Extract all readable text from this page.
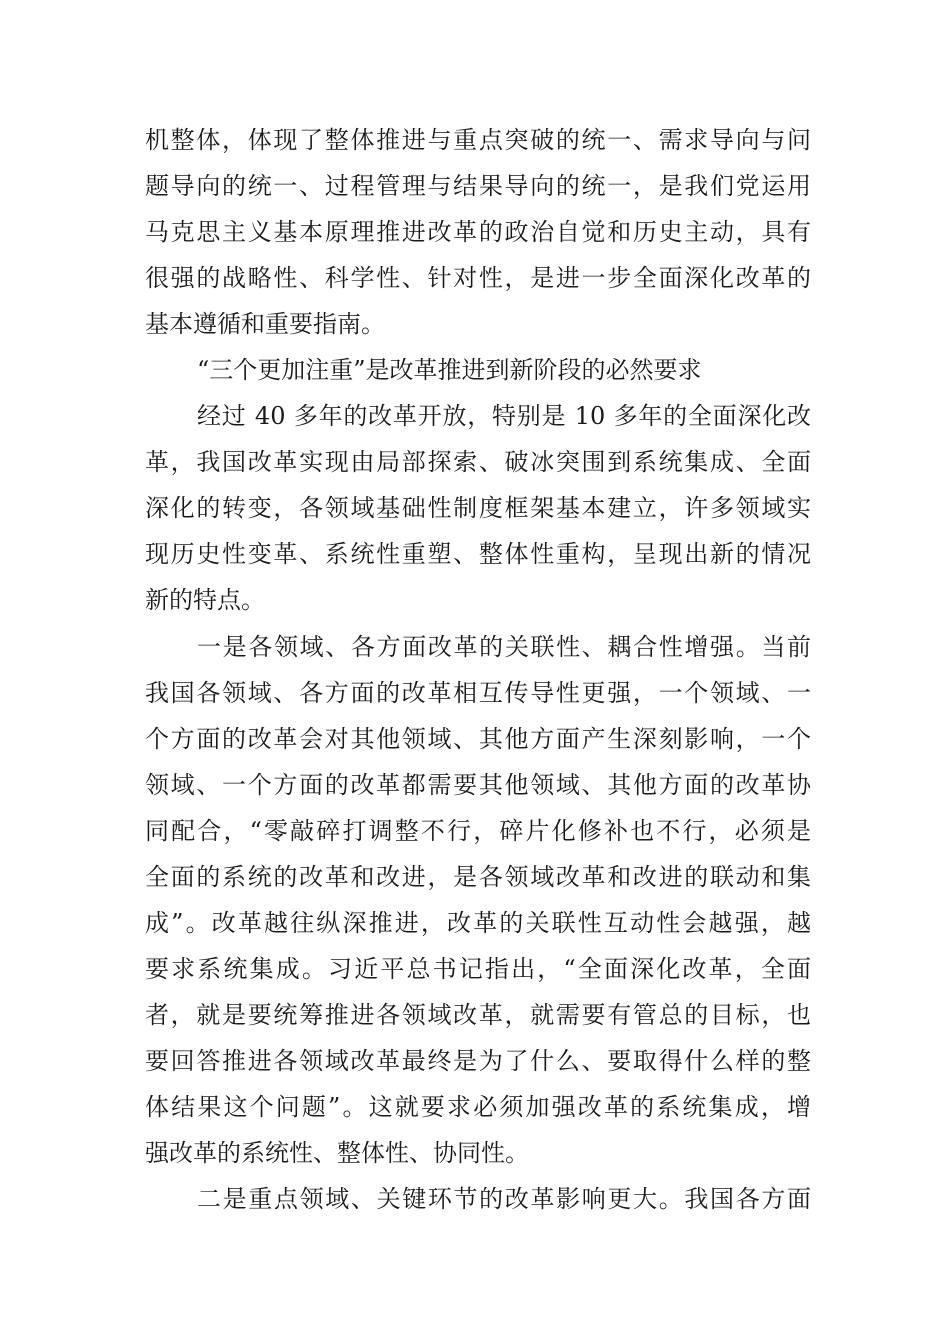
机整体，体现了整体推进与重点突破的统一、需求导向与问
题导向的统一、过程管理与结果导向的统一，是我们党运用
马克思主义基本原理推进改革的政治自觉和历史主动，具有
很强的战略性、科学性、针对性，是进一步全面深化改革的
基本遵循和重要指南。
“三个更加注重”是改革推进到新阶段的必然要求
经过 40 多年的改革开放，特别是 10 多年的全面深化改
革，我国改革实现由局部探索、破冰突围到系统集成、全面
深化的转变，各领域基础性制度框架基本建立，许多领域实
现历史性变革、系统性重塑、整体性重构，呈现出新的情况
新的特点。
一是各领域、各方面改革的关联性、耦合性增强。当前
我国各领域、各方面的改革相互传导性更强，一个领域、一
个方面的改革会对其他领域、其他方面产生深刻影响，一个
领域、一个方面的改革都需要其他领域、其他方面的改革协
同配合，“零敲碎打调整不行，碎片化修补也不行，必须是
全面的系统的改革和改进，是各领域改革和改进的联动和集
成”。改革越往纵深推进，改革的关联性互动性会越强，越
要求系统集成。习近平总书记指出，“全面深化改革，全面
者，就是要统筹推进各领域改革，就需要有管总的目标，也
要回答推进各领域改革最终是为了什么、要取得什么样的整
体结果这个问题”。这就要求必须加强改革的系统集成，增
强改革的系统性、整体性、协同性。
二是重点领域、关键环节的改革影响更大。我国各方面
